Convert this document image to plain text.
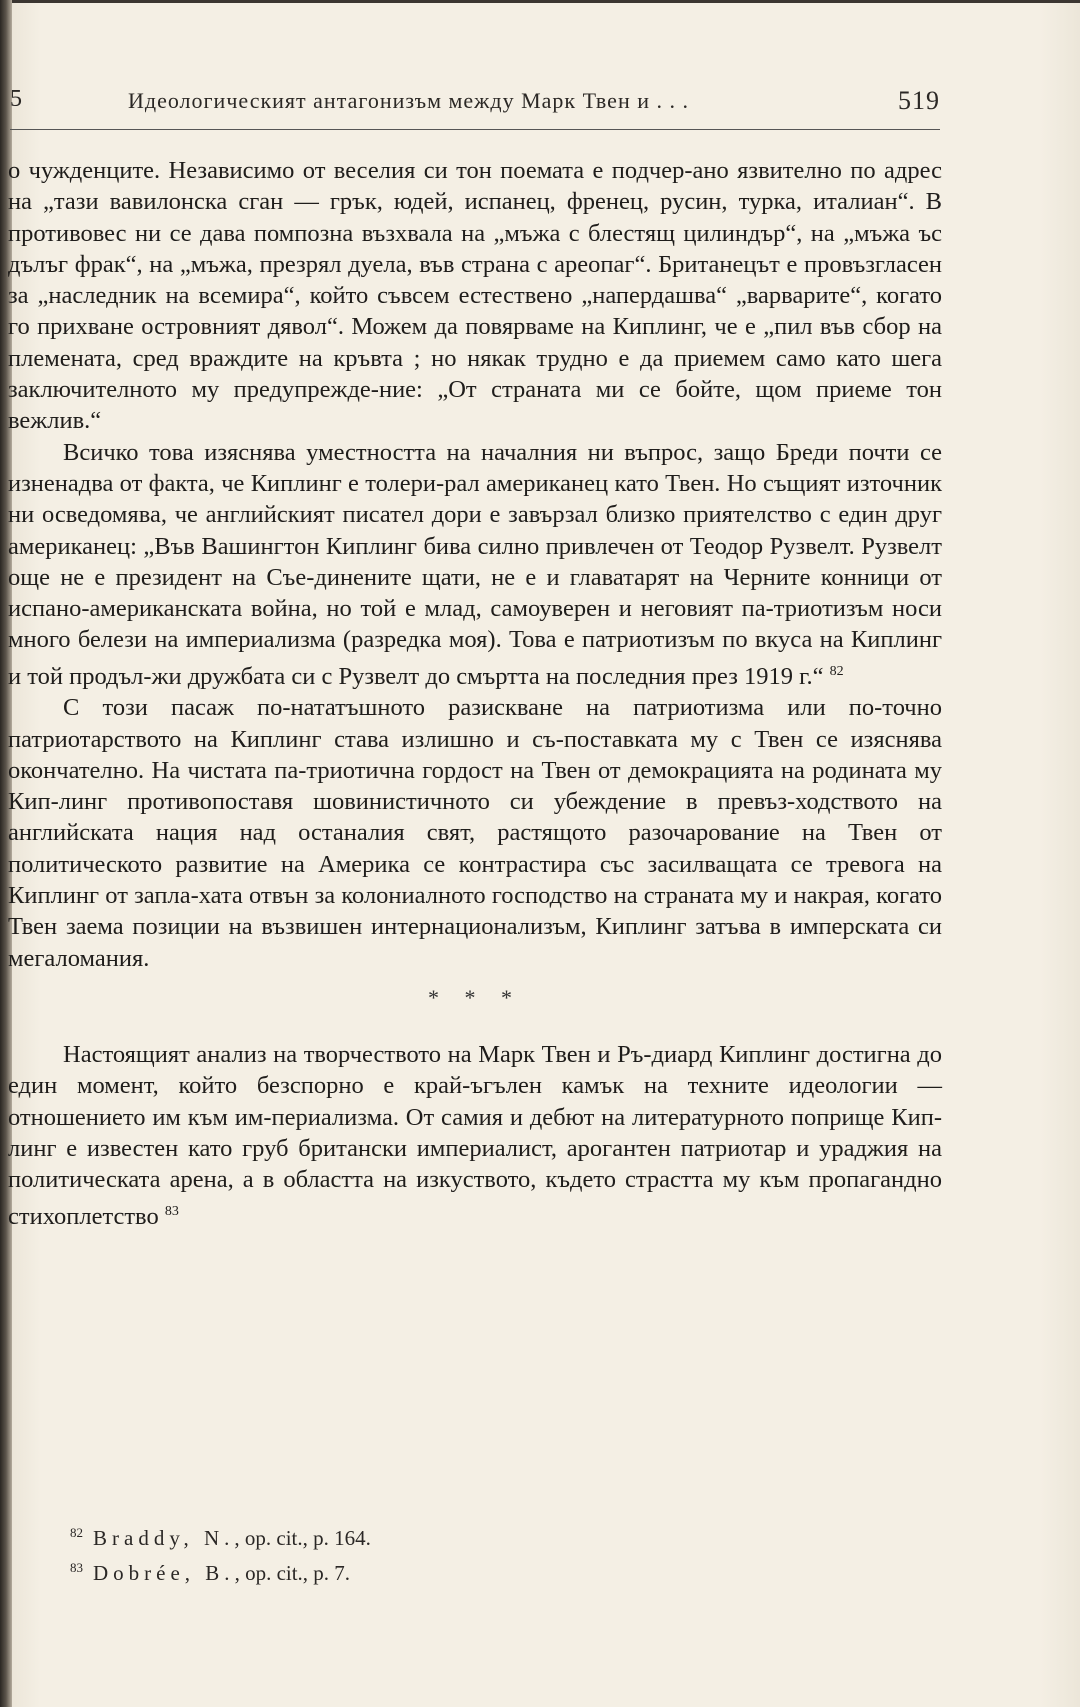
5	Идеологическият антагонизъм между Марк Твен и . . .	519

о чужденците. Независимо от веселия си тон поемата е подчер-ано язвително по адрес на „тази вавилонска сган — грък, юдей, испанец, френец, русин, турка, италиан“. В противовес ни се дава помпозна възхвала на „мъжа с блестящ цилиндър“, на „мъжа ъс дълъг фрак“, на „мъжа, презрял дуела, във страна с ареопаг“. Британецът е провъзгласен за „наследник на всемира“, който съвсем естествено „напердашва“ „варварите“, когато го прихване островният дявол“. Можем да повярваме на Киплинг, че е „пил във сбор на племената, сред враждите на кръвта ; но някак трудно е да приемем само като шега заключителното му предупрежде-ние: „От страната ми се бойте, щом приеме тон вежлив.“

Всичко това изяснява уместността на началния ни въпрос, защо Бреди почти се изненадва от факта, че Киплинг е толери-рал американец като Твен. Но същият източник ни осведомява, че английският писател дори е завързал близко приятелство с един друг американец: „Във Вашингтон Киплинг бива силно привлечен от Теодор Рузвелт. Рузвелт още не е президент на Съе-динените щати, не е и главатарят на Черните конници от испано-американската война, но той е млад, самоуверен и неговият па-триотизъм носи много белези на империализма (разредка моя). Това е патриотизъм по вкуса на Киплинг и той продъл-жи дружбата си с Рузвелт до смъртта на последния през 1919 г.“ $^{82}$

С този пасаж по-нататъшното разискване на патриотизма или по-точно патриотарството на Киплинг става излишно и съ-поставката му с Твен се изяснява окончателно. На чистата па-триотична гордост на Твен от демокрацията на родината му Кип-линг противопоставя шовинистичното си убеждение в превъз-ходството на английската нация над останалия свят, растящото разочарование на Твен от политическото развитие на Америка се контрастира със засилващата се тревога на Киплинг от запла-хата отвън за колониалното господство на страната му и накрая, когато Твен заема позиции на възвишен интернационализъм, Киплинг затъва в имперската си мегаломания.

* * *

Настоящият анализ на творчеството на Марк Твен и Ръ-диард Киплинг достигна до един момент, който безспорно е край-ъгълен камък на техните идеологии — отношението им към им-периализма. От самия и дебют на литературното поприще Кип-линг е известен като груб британски империалист, арогантен патриотар и ураджия на политическата арена, а в областта на изкуството, където страстта му към пропагандно стихоплетство $^{83}$

$^{82}$ Braddy, N., op. cit., p. 164.
$^{83}$ Dobrée, B., op. cit., p. 7.
